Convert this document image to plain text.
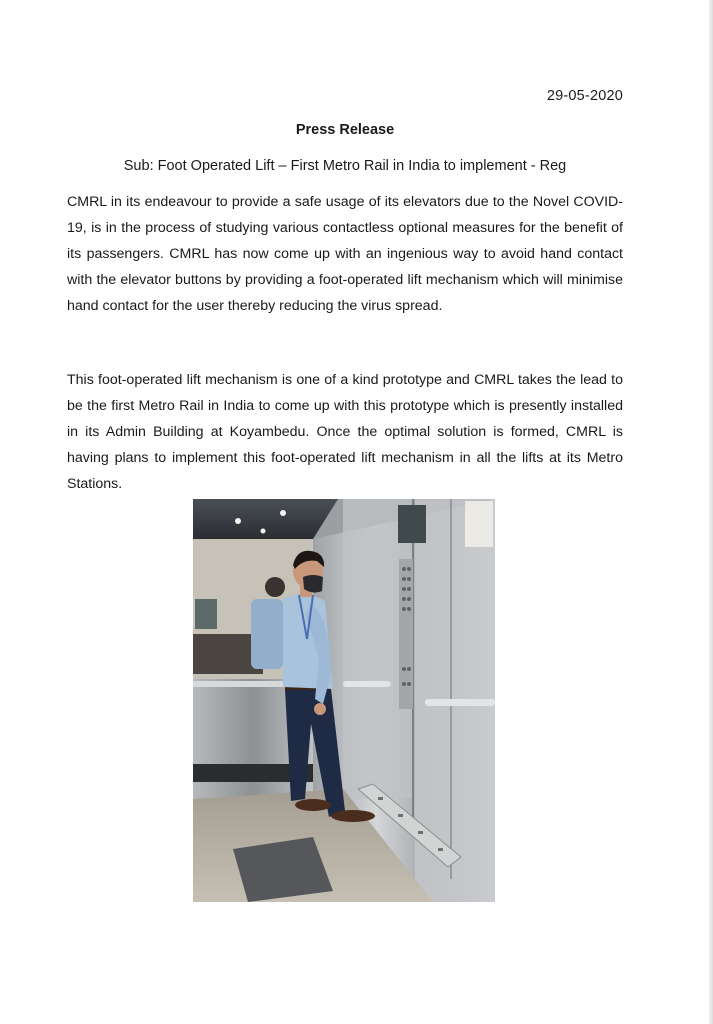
29-05-2020
Press Release
Sub: Foot Operated Lift – First Metro Rail in India to implement - Reg

CMRL in its endeavour to provide a safe usage of its elevators due to the Novel COVID-19, is in the process of studying various contactless optional measures for the benefit of its passengers. CMRL has now come up with an ingenious way to avoid hand contact with the elevator buttons by providing a foot-operated lift mechanism which will minimise hand contact for the user thereby reducing the virus spread.

This foot-operated lift mechanism is one of a kind prototype and CMRL takes the lead to be the first Metro Rail in India to come up with this prototype which is presently installed in its Admin Building at Koyambedu. Once the optimal solution is formed, CMRL is having plans to implement this foot-operated lift mechanism in all the lifts at its Metro Stations.
